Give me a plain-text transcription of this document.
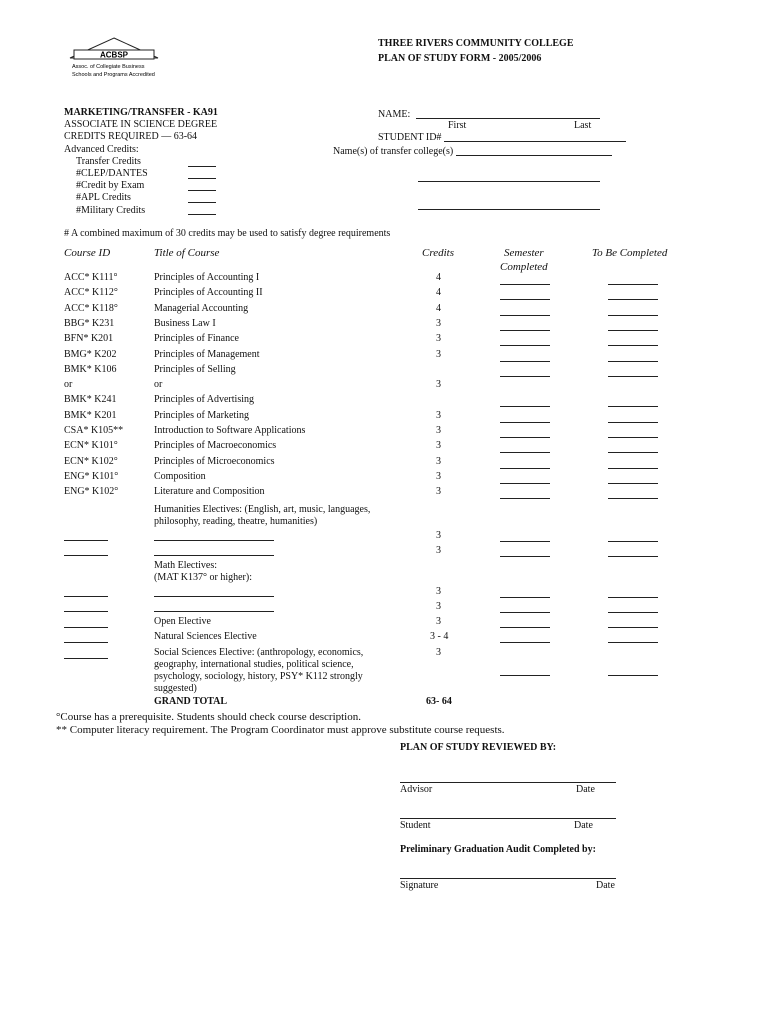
ACBSP
Assoc. of Collegiate Business
Schools and Programs Accredited
THREE RIVERS COMMUNITY COLLEGE
PLAN OF STUDY FORM - 2005/2006
MARKETING/TRANSFER - KA91
ASSOCIATE IN SCIENCE DEGREE
CREDITS REQUIRED — 63-64
Advanced Credits:
Transfer Credits
#CLEP/DANTES
#Credit by Exam
#APL Credits
#Military Credits
NAME:
First	Last
STUDENT ID#
Name(s) of transfer college(s)
# A combined maximum of 30 credits may be used to satisfy degree requirements
Course ID	Title of Course	Credits	Semester
Completed
To Be Completed
ACC* K111°	Principles of Accounting I	4
ACC* K112°	Principles of Accounting II	4
ACC* K118°	Managerial Accounting	4
BBG* K231	Business Law I	3
BFN* K201	Principles of Finance	3
BMG* K202	Principles of Management	3
BMK* K106	Principles of Selling
or	or	3
BMK* K241	Principles of Advertising
BMK* K201	Principles of Marketing	3
CSA* K105**	Introduction to Software Applications	3
ECN* K101°	Principles of Macroeconomics	3
ECN* K102°	Principles of Microeconomics	3
ENG* K101°	Composition	3
ENG* K102°	Literature and Composition	3
Humanities Electives: (English, art, music, languages, philosophy, reading, theatre, humanities)
3
3
Math Electives:
(MAT K137° or higher):
3
3
Open Elective	3
Natural Sciences Elective	3 - 4
Social Sciences Elective: (anthropology, economics, geography, international studies, political science, psychology, sociology, history, PSY* K112 strongly suggested)
3
GRAND TOTAL	63- 64
°Course has a prerequisite. Students should check course description.
** Computer literacy requirement. The Program Coordinator must approve substitute course requests.
PLAN OF STUDY REVIEWED BY:
Advisor	Date
Student	Date
Preliminary Graduation Audit Completed by:
Signature	Date
